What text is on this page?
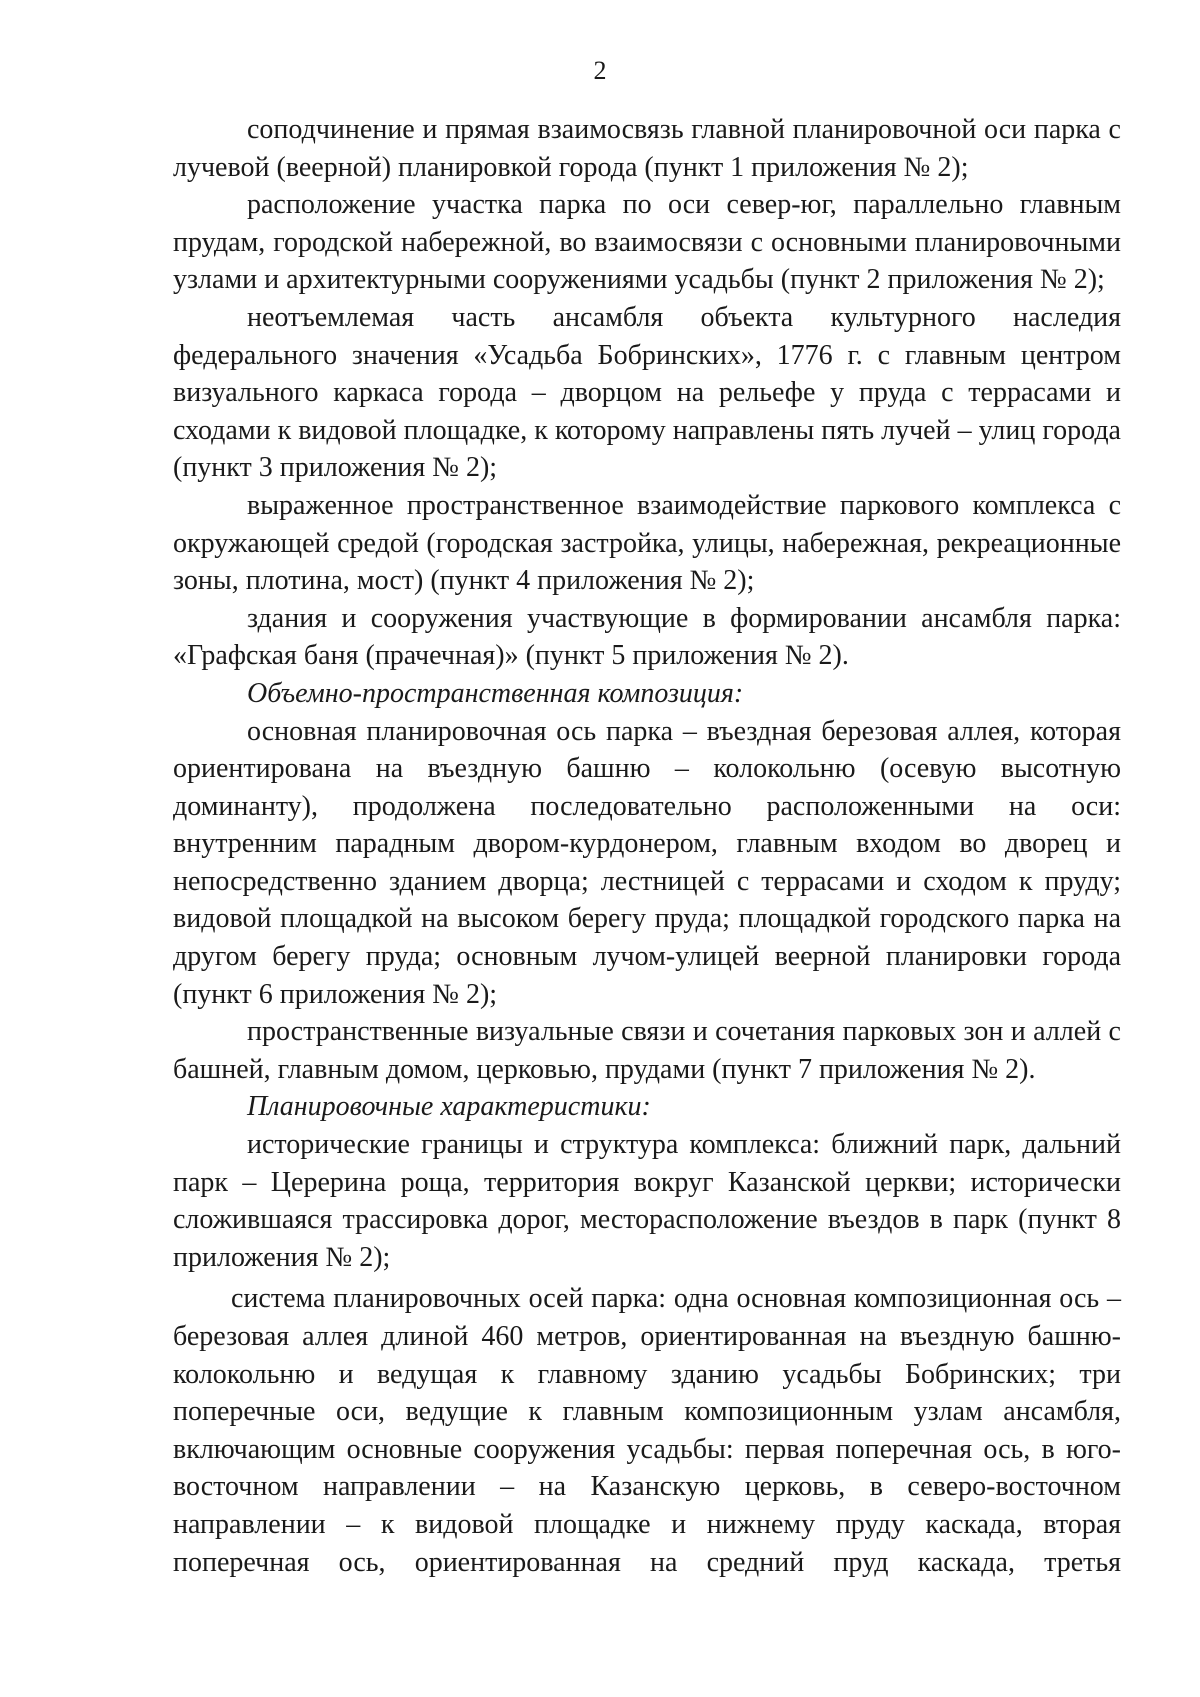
2

соподчинение и прямая взаимосвязь главной планировочной оси парка с лучевой (веерной) планировкой города (пункт 1 приложения № 2);

расположение участка парка по оси север-юг, параллельно главным прудам, городской набережной, во взаимосвязи с основными планировочными узлами и архитектурными сооружениями усадьбы (пункт 2 приложения № 2);

неотъемлемая часть ансамбля объекта культурного наследия федерального значения «Усадьба Бобринских», 1776 г. с главным центром визуального каркаса города – дворцом на рельефе у пруда с террасами и сходами к видовой площадке, к которому направлены пять лучей – улиц города (пункт 3 приложения № 2);

выраженное пространственное взаимодействие паркового комплекса с окружающей средой (городская застройка, улицы, набережная, рекреационные зоны, плотина, мост) (пункт 4 приложения № 2);

здания и сооружения участвующие в формировании ансамбля парка: «Графская баня (прачечная)» (пункт 5 приложения № 2).

Объемно-пространственная композиция:

основная планировочная ось парка – въездная березовая аллея, которая ориентирована на въездную башню – колокольню (осевую высотную доминанту), продолжена последовательно расположенными на оси: внутренним парадным двором-курдонером, главным входом во дворец и непосредственно зданием дворца; лестницей с террасами и сходом к пруду; видовой площадкой на высоком берегу пруда; площадкой городского парка на другом берегу пруда; основным лучом-улицей веерной планировки города (пункт 6 приложения № 2);

пространственные визуальные связи и сочетания парковых зон и аллей с башней, главным домом, церковью, прудами (пункт 7 приложения № 2).

Планировочные характеристики:

исторические границы и структура комплекса: ближний парк, дальний парк – Церерина роща, территория вокруг Казанской церкви; исторически сложившаяся трассировка дорог, месторасположение въездов в парк (пункт 8 приложения № 2);

система планировочных осей парка: одна основная композиционная ось – березовая аллея длиной 460 метров, ориентированная на въездную башню-колокольню и ведущая к главному зданию усадьбы Бобринских; три поперечные оси, ведущие к главным композиционным узлам ансамбля, включающим основные сооружения усадьбы: первая поперечная ось, в юго-восточном направлении – на Казанскую церковь, в северо-восточном направлении – к видовой площадке и нижнему пруду каскада, вторая поперечная ось, ориентированная на средний пруд каскада, третья
